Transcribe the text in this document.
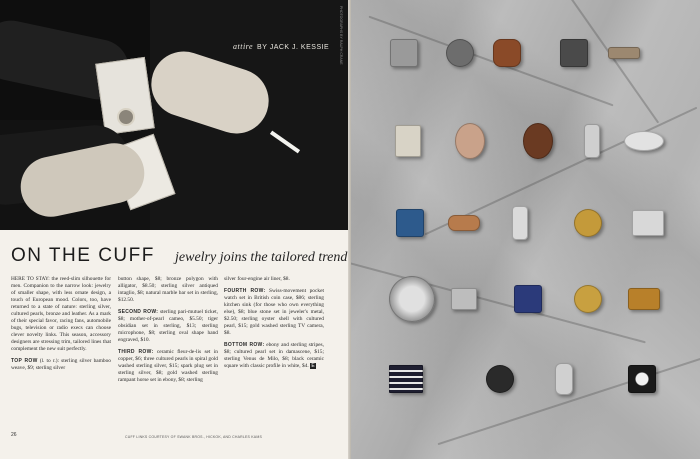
attire BY JACK J. KESSIE	PHOTOGRAPHS BY RALPH CRANE
ON THE CUFF jewelry joins the tailored trend

HERE TO STAY: the reed-slim silhouette for men. Companion to the narrow look: jewelry of smaller shape, with less ornate design, a touch of European mood. Colors, too, have returned to a state of nature: sterling silver, cultured pearls, bronze and leather. As a mark of their special favor, racing fans, automobile bugs, television or radio execs can choose clever novelty links. This season, accessory designers are stressing trim, tailored lines that complement the new suit perfectly.

TOP ROW (l. to r.): sterling silver bamboo weave, $9; sterling silver

button shape, $8; bronze polygon with alligator, $8.50; sterling silver antiqued intaglio, $8; natural marble bar set in sterling, $12.50.

SECOND ROW: sterling pari-mutuel ticket, $8; mother-of-pearl cameo, $5.50; tiger obsidian set in sterling, $13; sterling microphone, $8; sterling oval shape hand engraved, $10.

THIRD ROW: ceramic fleur-de-lis set in copper, $6; three cultured pearls in spiral gold washed sterling silver, $15; spark plug set in sterling silver, $8; gold washed sterling rampant horse set in ebony, $8; sterling

silver four-engine air liner, $8.

FOURTH ROW: Swiss-movement pocket watch set in British coin case, $86; sterling kitchen sink (for those who own everything else), $8; blue stone set in jeweler's metal, $2.50; sterling oyster shell with cultured pearl, $15; gold washed sterling TV camera, $8.

BOTTOM ROW: ebony and sterling stripes, $8; cultured pearl set in damascene, $15; sterling Venus de Milo, $8; black ceramic square with classic profile in white, $4. E

26	CUFF LINKS COURTESY OF SWANK BROS., HICKOK, AND CHARLES KAMS
